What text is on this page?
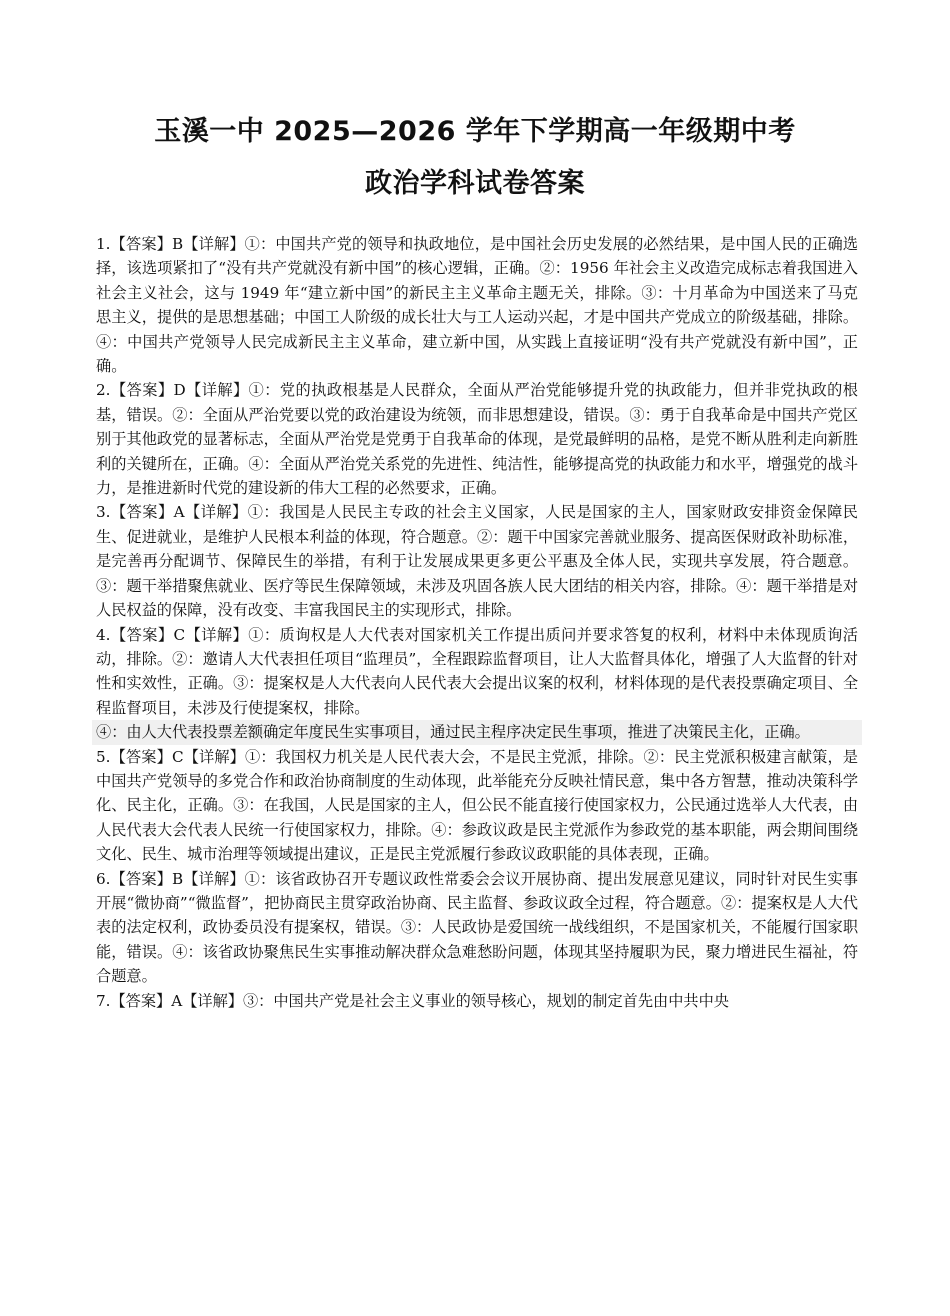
玉溪一中 2025—2026 学年下学期高一年级期中考
政治学科试卷答案

1.【答案】B【详解】①：中国共产党的领导和执政地位，是中国社会历史发展的必然结果，是中国人民的正确选择，该选项紧扣了“没有共产党就没有新中国”的核心逻辑，正确。②：1956 年社会主义改造完成标志着我国进入社会主义社会，这与 1949 年“建立新中国”的新民主主义革命主题无关，排除。③：十月革命为中国送来了马克思主义，提供的是思想基础；中国工人阶级的成长壮大与工人运动兴起，才是中国共产党成立的阶级基础，排除。④：中国共产党领导人民完成新民主主义革命，建立新中国，从实践上直接证明“没有共产党就没有新中国”，正确。

2.【答案】D【详解】①：党的执政根基是人民群众，全面从严治党能够提升党的执政能力，但并非党执政的根基，错误。②：全面从严治党要以党的政治建设为统领，而非思想建设，错误。③：勇于自我革命是中国共产党区别于其他政党的显著标志，全面从严治党是党勇于自我革命的体现，是党最鲜明的品格，是党不断从胜利走向新胜利的关键所在，正确。④：全面从严治党关系党的先进性、纯洁性，能够提高党的执政能力和水平，增强党的战斗力，是推进新时代党的建设新的伟大工程的必然要求，正确。

3.【答案】A【详解】①：我国是人民民主专政的社会主义国家，人民是国家的主人，国家财政安排资金保障民生、促进就业，是维护人民根本利益的体现，符合题意。②：题干中国家完善就业服务、提高医保财政补助标准，是完善再分配调节、保障民生的举措，有利于让发展成果更多更公平惠及全体人民，实现共享发展，符合题意。③：题干举措聚焦就业、医疗等民生保障领域，未涉及巩固各族人民大团结的相关内容，排除。④：题干举措是对人民权益的保障，没有改变、丰富我国民主的实现形式，排除。

4.【答案】C【详解】①：质询权是人大代表对国家机关工作提出质问并要求答复的权利，材料中未体现质询活动，排除。②：邀请人大代表担任项目“监理员”，全程跟踪监督项目，让人大监督具体化，增强了人大监督的针对性和实效性，正确。③：提案权是人大代表向人民代表大会提出议案的权利，材料体现的是代表投票确定项目、全程监督项目，未涉及行使提案权，排除。

④：由人大代表投票差额确定年度民生实事项目，通过民主程序决定民生事项，推进了决策民主化，正确。

5.【答案】C【详解】①：我国权力机关是人民代表大会，不是民主党派，排除。②：民主党派积极建言献策，是中国共产党领导的多党合作和政治协商制度的生动体现，此举能充分反映社情民意，集中各方智慧，推动决策科学化、民主化，正确。③：在我国，人民是国家的主人，但公民不能直接行使国家权力，公民通过选举人大代表，由人民代表大会代表人民统一行使国家权力，排除。④：参政议政是民主党派作为参政党的基本职能，两会期间围绕文化、民生、城市治理等领域提出建议，正是民主党派履行参政议政职能的具体表现，正确。

6.【答案】B【详解】①：该省政协召开专题议政性常委会会议开展协商、提出发展意见建议，同时针对民生实事开展“微协商”“微监督”，把协商民主贯穿政治协商、民主监督、参政议政全过程，符合题意。②：提案权是人大代表的法定权利，政协委员没有提案权，错误。③：人民政协是爱国统一战线组织，不是国家机关，不能履行国家职能，错误。④：该省政协聚焦民生实事推动解决群众急难愁盼问题，体现其坚持履职为民，聚力增进民生福祉，符合题意。

7.【答案】A【详解】③：中国共产党是社会主义事业的领导核心，规划的制定首先由中共中央
